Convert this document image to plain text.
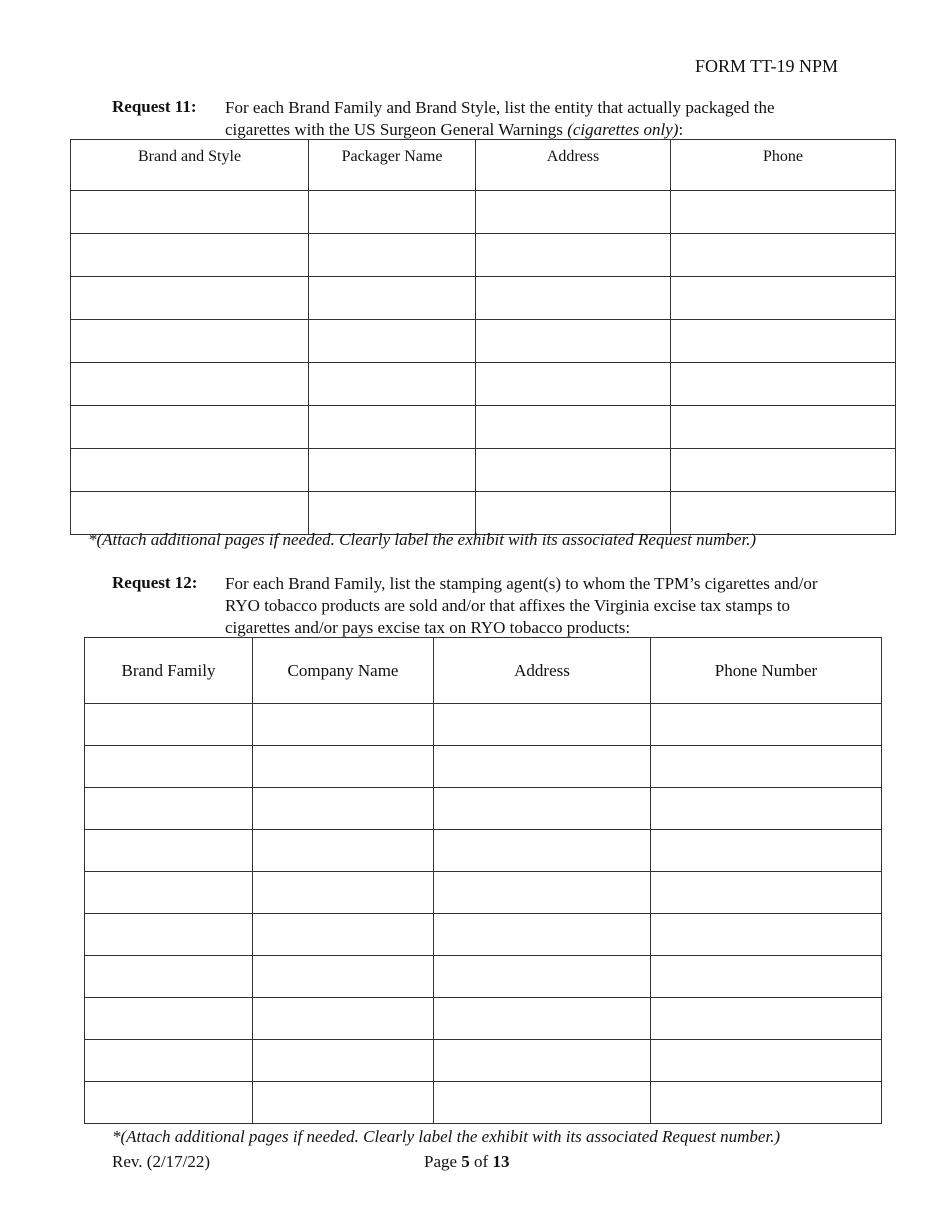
FORM TT-19 NPM
Request 11: For each Brand Family and Brand Style, list the entity that actually packaged the cigarettes with the US Surgeon General Warnings (cigarettes only):
Brand and Style	Packager Name	Address	Phone

*(Attach additional pages if needed. Clearly label the exhibit with its associated Request number.)
Request 12: For each Brand Family, list the stamping agent(s) to whom the TPM’s cigarettes and/or RYO tobacco products are sold and/or that affixes the Virginia excise tax stamps to cigarettes and/or pays excise tax on RYO tobacco products:
Brand Family	Company Name	Address	Phone Number

*(Attach additional pages if needed. Clearly label the exhibit with its associated Request number.)
Rev. (2/17/22)	Page 5 of 13
